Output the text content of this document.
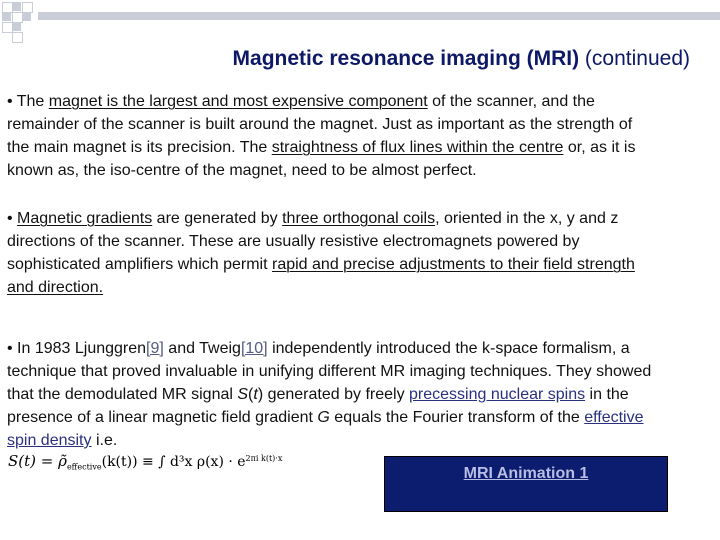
Magnetic resonance imaging (MRI) (continued)
• The magnet is the largest and most expensive component of the scanner, and the remainder of the scanner is built around the magnet. Just as important as the strength of the main magnet is its precision. The straightness of flux lines within the centre or, as it is known as, the iso-centre of the magnet, need to be almost perfect.
• Magnetic gradients are generated by three orthogonal coils, oriented in the x, y and z directions of the scanner. These are usually resistive electromagnets powered by sophisticated amplifiers which permit rapid and precise adjustments to their field strength and direction.
• In 1983 Ljunggren[9] and Tweig[10] independently introduced the k-space formalism, a technique that proved invaluable in unifying different MR imaging techniques. They showed that the demodulated MR signal S(t) generated by freely precessing nuclear spins in the presence of a linear magnetic field gradient G equals the Fourier transform of the effective spin density i.e.
$S(t) = \rhõ_{effective}(k(t))$ ≡ ∫ d³x $\rho(x) \cdot e^{2\pi i k(t)\cdot x}$
MRI Animation 1
